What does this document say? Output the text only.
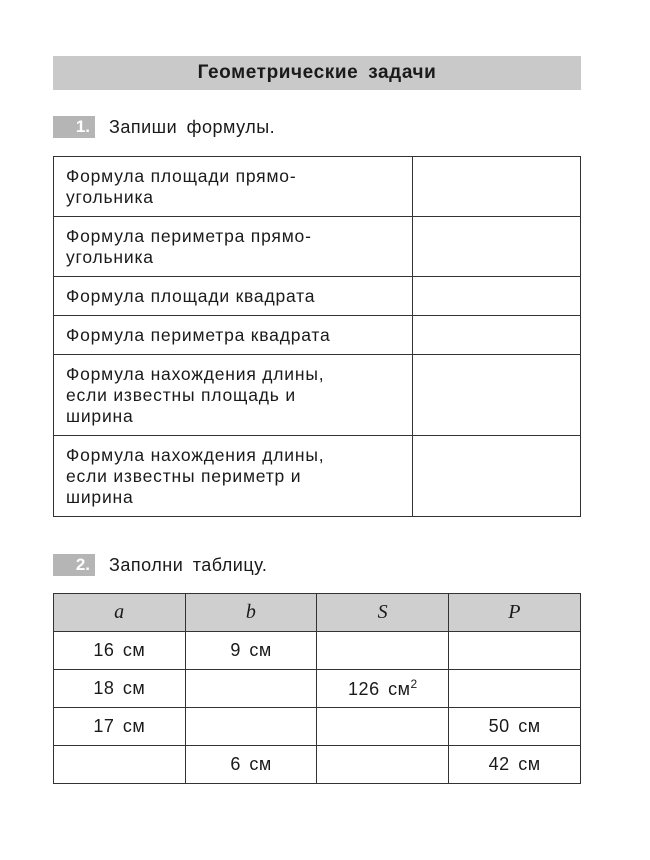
Геометрические задачи
1. Запиши формулы.
Формула площади прямо-
угольника	
Формула периметра прямо-
угольника	
Формула площади квадрата	
Формула периметра квадрата	
Формула нахождения длины,
если известны площадь и
ширина	
Формула нахождения длины,
если известны периметр и
ширина	
2. Заполни таблицу.
a	b	S	P
16 см	9 см		
18 см		126 $см^2$	
17 см			50 см
	6 см		42 см
